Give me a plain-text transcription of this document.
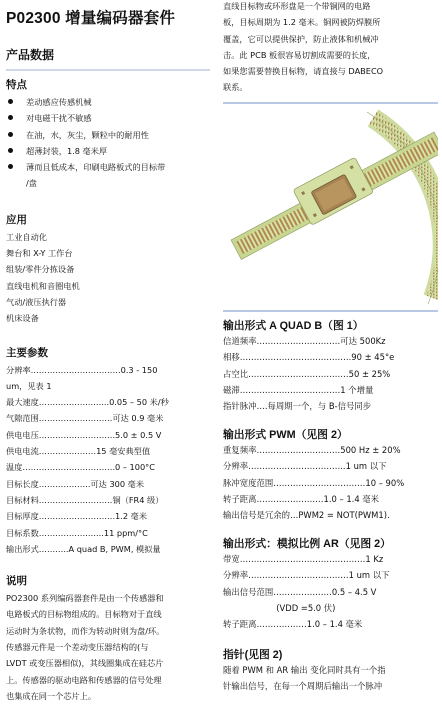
P02300 增量编码器套件
产品数据
特点
差动感应传感机械
对电磁干扰不敏感
在油，水，灰尘，颗粒中的耐用性
超薄封装，1.8 毫米厚
薄而且低成本，印刷电路板式的目标带
/盘
应用
工业自动化
舞台和 X-Y 工作台
组装/零件分拣设备
直线电机和音圈电机
气动/液压执行器
机床设备
主要参数
分辨率……………………………0.3 - 150
um，见表 1
最大速度………………..…...0.05 – 50 米/秒
气隙范围………………………可达 0.9 毫米
供电电压……………………….5.0 ± 0.5 V
供电电流…………………15 毫安典型值
温度…………………………….0 – 100°C
目标长度……………….可达 300 毫米
目标材料………………………铜（FR4 级）
目标厚度……………………….1.2 毫米
目标系数……………….…..11 ppm/°C
输出形式………..A quad B, PWM, 模拟量
说明
PO2300 系列编码器套件是由一个传感器和
电路板式的目标物组成的。目标物对于直线
运动时为条状物，而作为转动时则为盘/环。
传感器元件是一个差动变压器结构的(与
LVDT 或变压器相似)，其线圈集成在硅芯片
上。传感器的驱动电路和传感器的信号处理
也集成在同一个芯片上。
直线目标物或环形盘是一个带铜网的电路
板，目标周期为 1.2 毫米。铜网被防焊膜所
覆盖，它可以提供保护，防止液体和机械冲
击。此 PCB 板很容易切割成需要的长度，
如果您需要替换目标物，请直接与 DABECO
联系。
输出形式 A QUAD B（图 1）
信道频率…………………………可达 500Kz
相移………………………………….90 ± 45°e
占空比………………………………50 ± 25%
磁滞………………………………1 个增量
指针脉冲….每周期一个，与 B-信号同步
输出形式 PWM（见图 2）
重复频率…………………………500 Hz ± 20%
分辨率……………………………..1 um 以下
脉冲宽度范围……………………………10 – 90%
转子距离……………………1.0 – 1.4 毫米
输出信号是冗余的…PWM2 = NOT(PWM1).
输出形式：模拟比例 AR（见图 2）
带宽………………………………………1 Kz
分辨率………………………………1 um 以下
输出信号范围…………………0.5 – 4.5 V
(VDD =5.0 伏)
转子距离………………1.0 – 1.4 毫米
指针(见图 2)
随着 PWM 和 AR 输出 变化同时具有一个指
针输出信号，在每一个周期后输出一个脉冲
